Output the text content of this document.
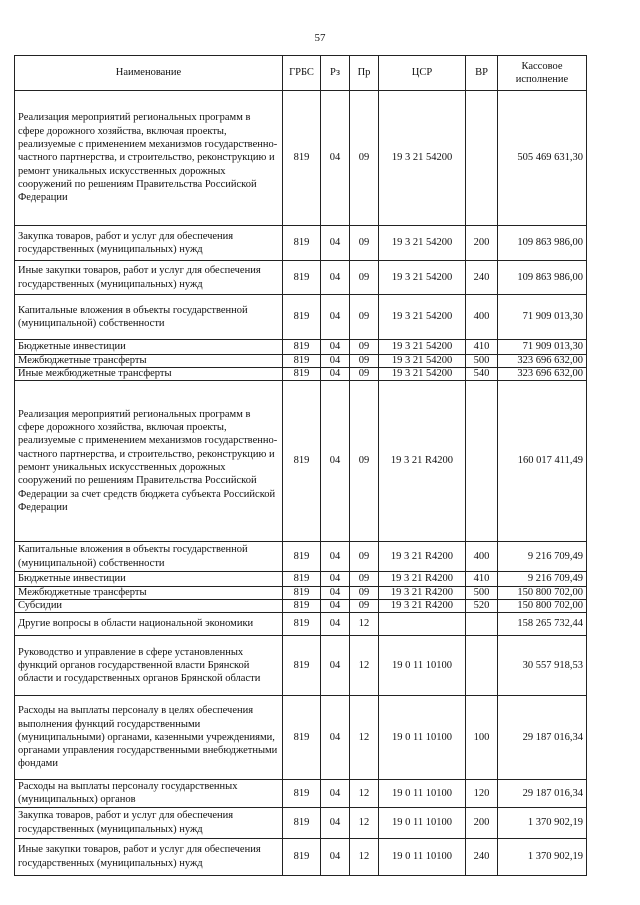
57
Наименование	ГРБС	Рз	Пр	ЦСР	ВР	Кассовое исполнение
Реализация мероприятий региональных программ в сфере дорожного хозяйства, включая проекты, реализуемые с применением механизмов государственно-частного партнерства, и строительство, реконструкцию и ремонт уникальных искусственных дорожных сооружений по решениям Правительства Российской Федерации	819	04	09	19 3 21 54200		505 469 631,30
Закупка товаров, работ и услуг для обеспечения государственных (муниципальных) нужд	819	04	09	19 3 21 54200	200	109 863 986,00
Иные закупки товаров, работ и услуг для обеспечения государственных (муниципальных) нужд	819	04	09	19 3 21 54200	240	109 863 986,00
Капитальные вложения в объекты государственной (муниципальной) собственности	819	04	09	19 3 21 54200	400	71 909 013,30
Бюджетные инвестиции	819	04	09	19 3 21 54200	410	71 909 013,30
Межбюджетные трансферты	819	04	09	19 3 21 54200	500	323 696 632,00
Иные межбюджетные трансферты	819	04	09	19 3 21 54200	540	323 696 632,00
Реализация мероприятий региональных программ в сфере дорожного хозяйства, включая проекты, реализуемые с применением механизмов государственно-частного партнерства, и строительство, реконструкцию и ремонт уникальных искусственных дорожных сооружений по решениям Правительства Российской Федерации за счет средств бюджета субъекта Российской Федерации	819	04	09	19 3 21 R4200		160 017 411,49
Капитальные вложения в объекты государственной (муниципальной) собственности	819	04	09	19 3 21 R4200	400	9 216 709,49
Бюджетные инвестиции	819	04	09	19 3 21 R4200	410	9 216 709,49
Межбюджетные трансферты	819	04	09	19 3 21 R4200	500	150 800 702,00
Субсидии	819	04	09	19 3 21 R4200	520	150 800 702,00
Другие вопросы в области национальной экономики	819	04	12			158 265 732,44
Руководство и управление в сфере установленных функций органов государственной власти Брянской области и государственных органов Брянской области	819	04	12	19 0 11 10100		30 557 918,53
Расходы на выплаты персоналу в целях обеспечения выполнения функций государственными (муниципальными) органами, казенными учреждениями, органами управления государственными внебюджетными фондами	819	04	12	19 0 11 10100	100	29 187 016,34
Расходы на выплаты персоналу государственных (муниципальных) органов	819	04	12	19 0 11 10100	120	29 187 016,34
Закупка товаров, работ и услуг для обеспечения государственных (муниципальных) нужд	819	04	12	19 0 11 10100	200	1 370 902,19
Иные закупки товаров, работ и услуг для обеспечения государственных (муниципальных) нужд	819	04	12	19 0 11 10100	240	1 370 902,19
